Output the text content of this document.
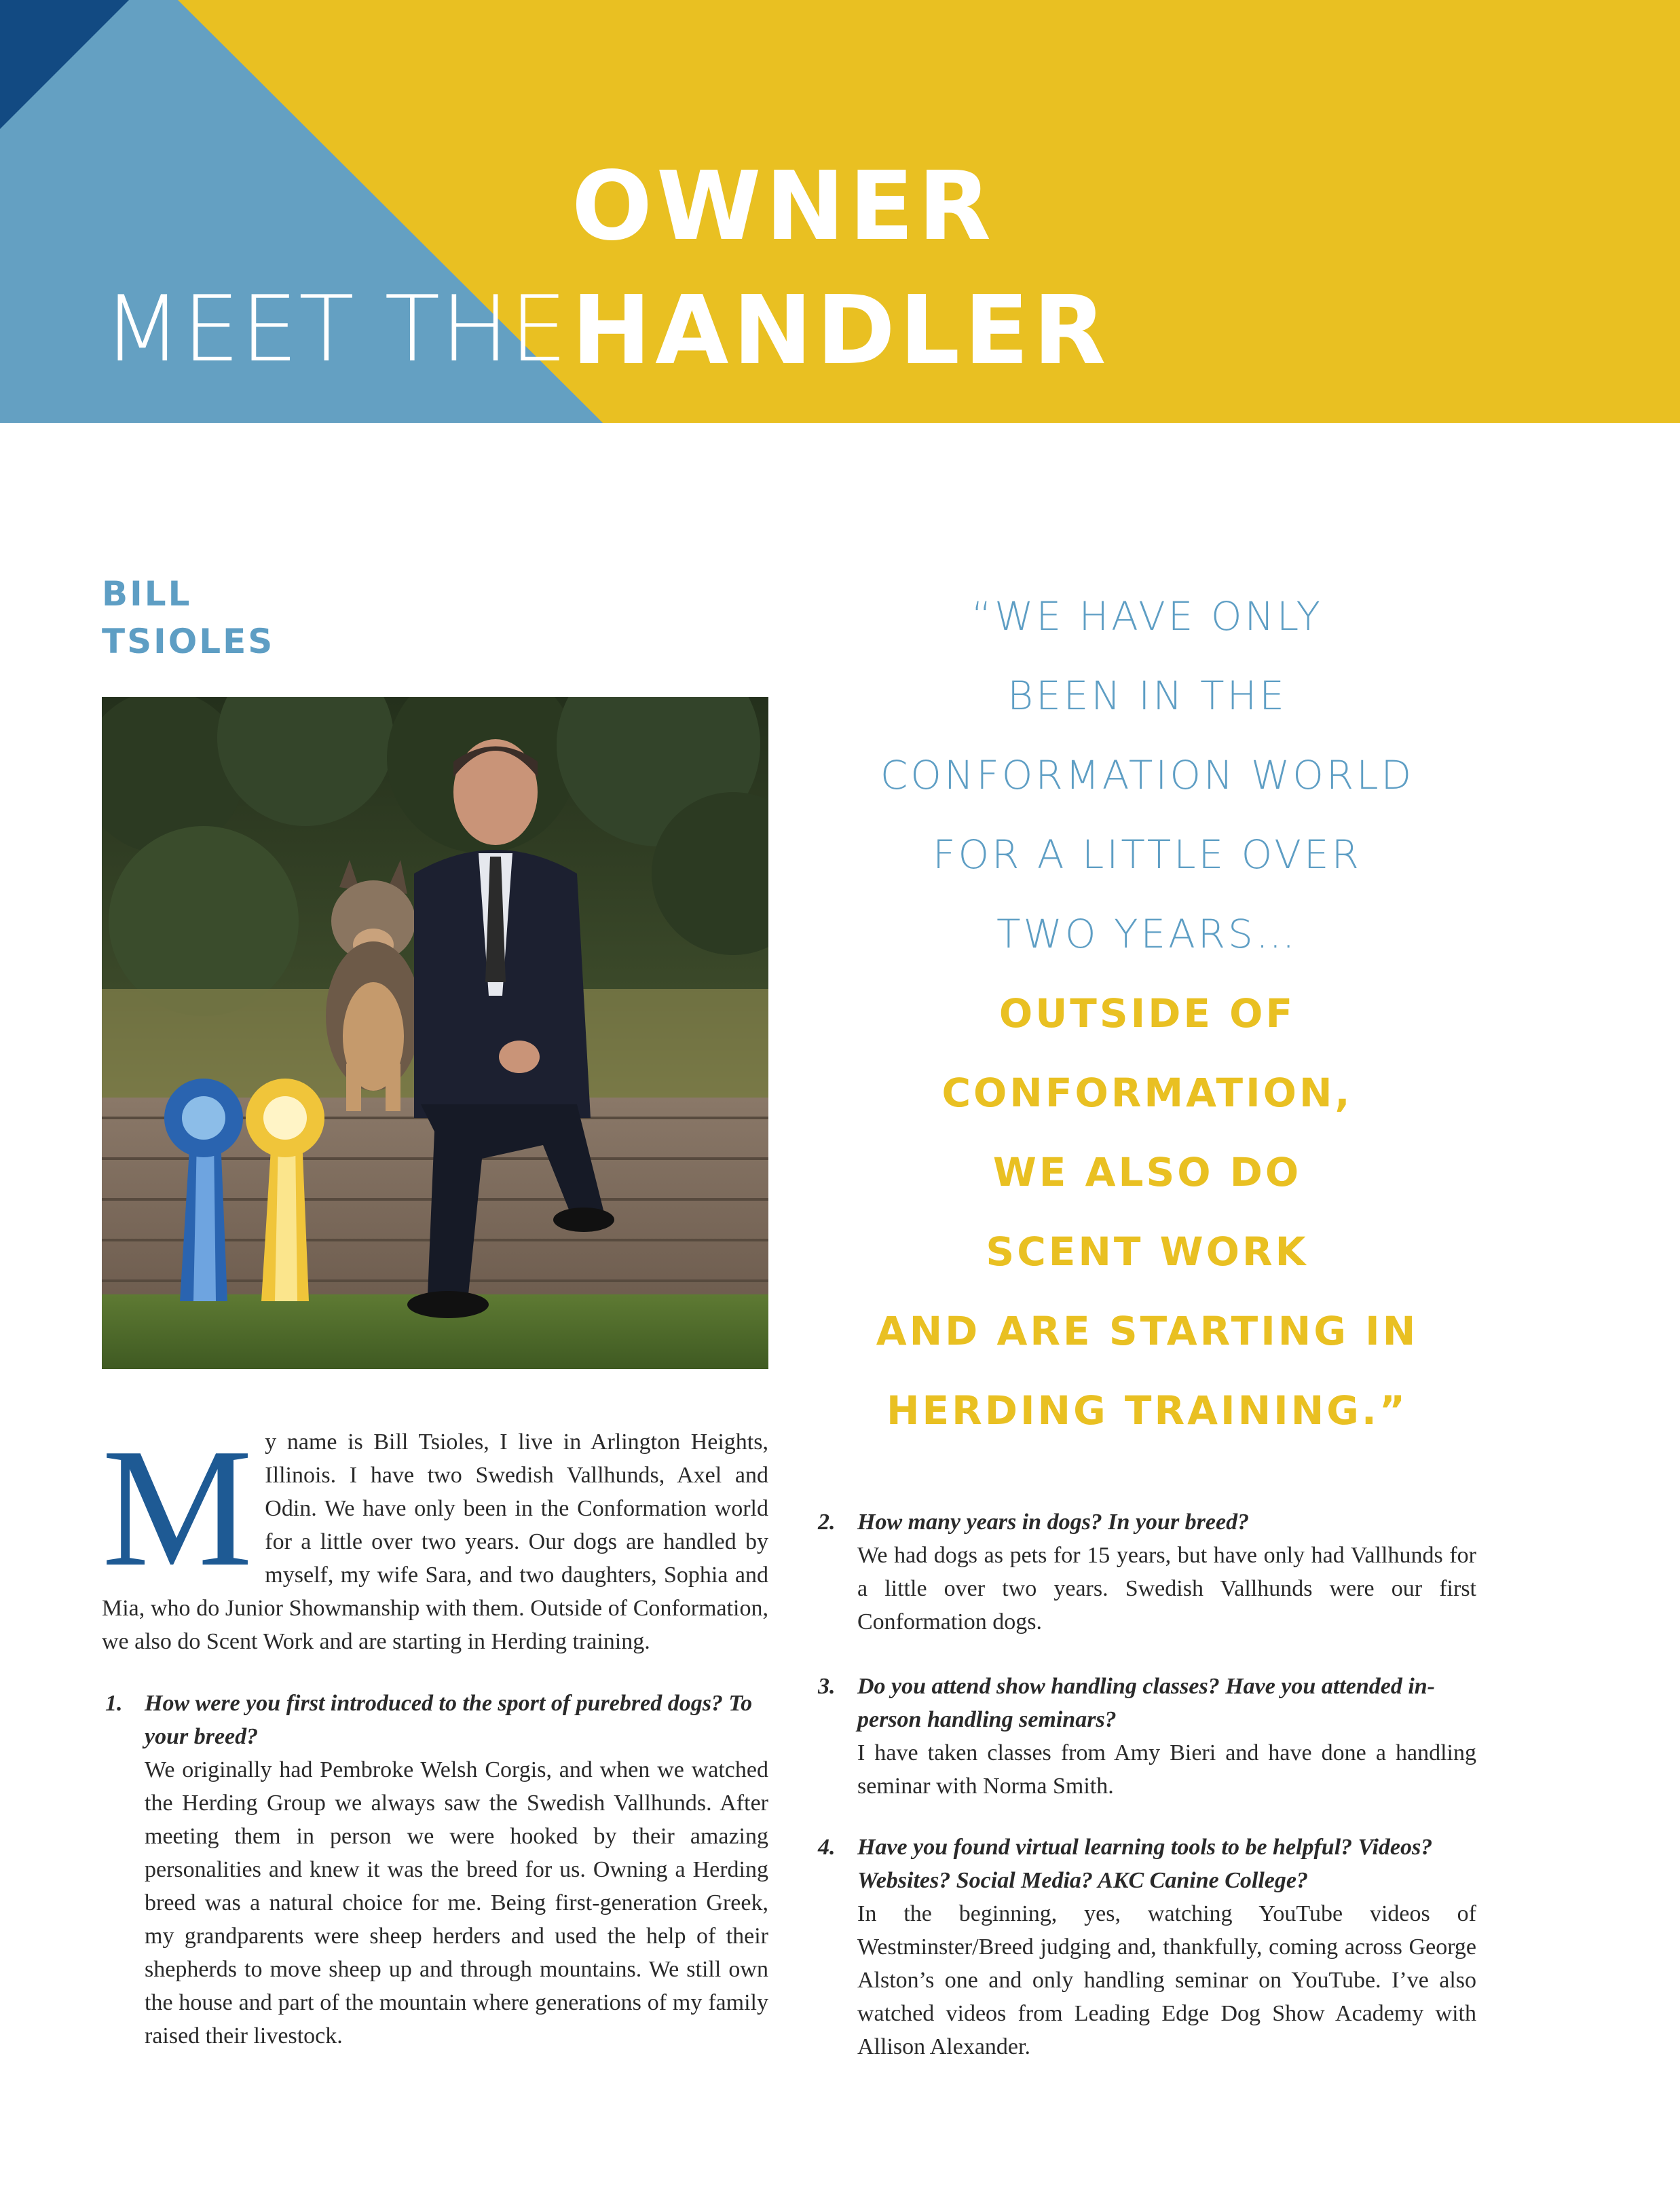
OWNER
MEET THE HANDLER
BILL
TSIOLES
“WE HAVE ONLY
BEEN IN THE
CONFORMATION WORLD
FOR A LITTLE OVER
TWO YEARS…
OUTSIDE OF
CONFORMATION,
WE ALSO DO
SCENT WORK
AND ARE STARTING IN
HERDING TRAINING.”
My name is Bill Tsioles, I live in Arlington Heights, Illinois. I have two Swedish Vallhunds, Axel and Odin. We have only been in the Conformation world for a little over two years. Our dogs are handled by myself, my wife Sara, and two daughters, Sophia and Mia, who do Junior Showmanship with them. Outside of Conformation, we also do Scent Work and are starting in Herding training.
1. How were you first introduced to the sport of purebred dogs? To your breed?
We originally had Pembroke Welsh Corgis, and when we watched the Herding Group we always saw the Swedish Vallhunds. After meeting them in person we were hooked by their amazing personalities and knew it was the breed for us. Owning a Herding breed was a natural choice for me. Being first-generation Greek, my grandparents were sheep herders and used the help of their shepherds to move sheep up and through mountains. We still own the house and part of the mountain where generations of my family raised their livestock.
2. How many years in dogs? In your breed?
We had dogs as pets for 15 years, but have only had Vallhunds for a little over two years. Swedish Vallhunds were our first Conformation dogs.
3. Do you attend show handling classes? Have you attended in-person handling seminars?
I have taken classes from Amy Bieri and have done a handling seminar with Norma Smith.
4. Have you found virtual learning tools to be helpful? Videos? Websites? Social Media? AKC Canine College?
In the beginning, yes, watching YouTube videos of Westminster/Breed judging and, thankfully, coming across George Alston’s one and only handling seminar on YouTube. I’ve also watched videos from Leading Edge Dog Show Academy with Allison Alexander.
